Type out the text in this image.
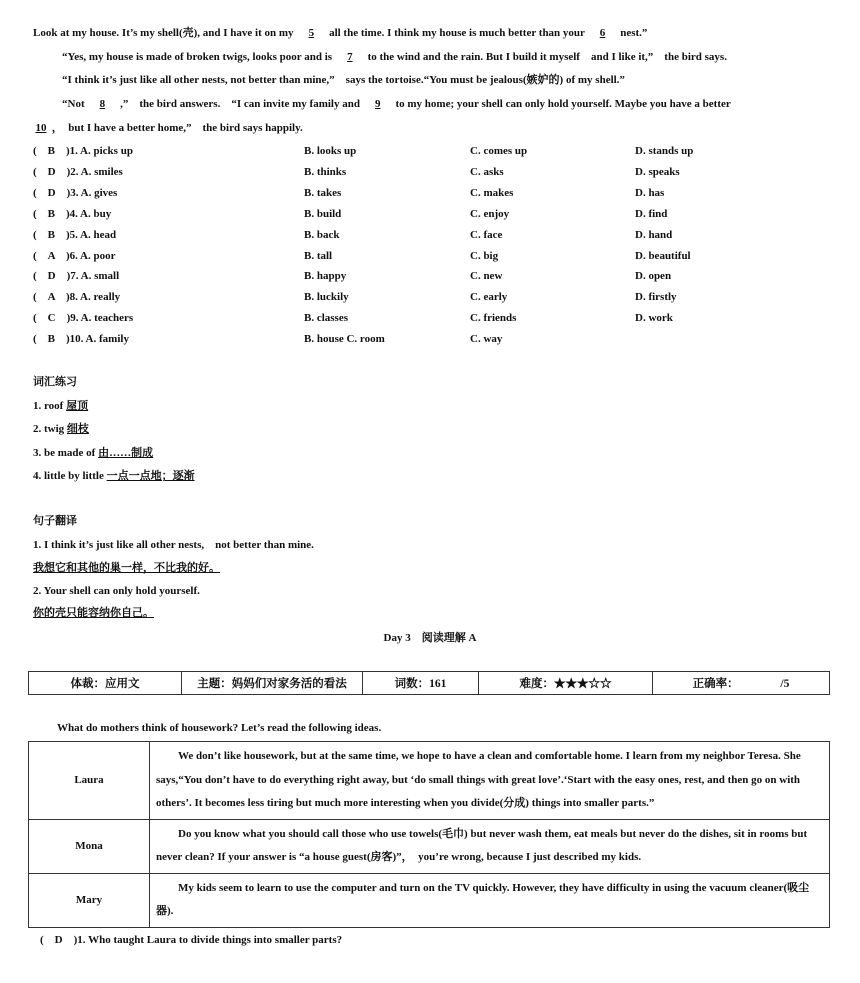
Look at my house. It’s my shell(壳), and I have it on my 5 all the time. I think my house is much better than your 6 nest.”
“Yes, my house is made of broken twigs, looks poor and is 7 to the wind and the rain. But I build it myself　and I like it,”　the bird says.
“I think it’s just like all other nests, not better than mine,”　says the tortoise.“You must be jealous(嫉妒的) of my shell.”
“Not 8 ,”　the bird answers.　“I can invite my family and 9 to my home; your shell can only hold yourself. Maybe you have a better
10 ，　but I have a better home,”　the bird says happily.
(　B　)1. A. picks up	B. looks up	C. comes up	D. stands up
(　D　)2. A. smiles	B. thinks	C. asks	D. speaks
(　D　)3. A. gives	B. takes	C. makes	D. has
(　B　)4. A. buy	B. build	C. enjoy	D. find
(　B　)5. A. head	B. back	C. face	D. hand
(　A　)6. A. poor	B. tall	C. big	D. beautiful
(　D　)7. A. small	B. happy	C. new	D. open
(　A　)8. A. really	B. luckily	C. early	D. firstly
(　C　)9. A. teachers	B. classes	C. friends	D. work
(　B　)10. A. family	B. house C. room	C. way
词汇练习
1. roof 屋顶
2. twig 细枝
3. be made of 由……制成
4. little by little 一点一点地；逐渐
句子翻译
1. I think it’s just like all other nests,　not better than mine.
我想它和其他的巢一样，不比我的好。
2. Your shell can only hold yourself.
你的壳只能容纳你自己。
Day 3　阅读理解 A
体裁：应用文	主题：妈妈们对家务活的看法	词数：161	难度：★★★☆☆	正确率：　	/5
What do mothers think of housework? Let’s read the following ideas.
Laura	We don’t like housework, but at the same time, we hope to have a clean and comfortable home. I learn from my neighbor Teresa. She says,“You don’t have to do everything right away, but ‘do small things with great love’.‘Start with the easy ones, rest, and then go on with others’. It becomes less tiring but much more interesting when you divide(分成) things into smaller parts.”

Mona	Do you know what you should call those who use towels(毛巾) but never wash them, eat meals but never do the dishes, sit in rooms but never clean? If your answer is “a house guest(房客)”，　you’re wrong, because I just described my kids.

Mary	My kids seem to learn to use the computer and turn on the TV quickly. However, they have difficulty in using the vacuum cleaner(吸尘器).
(　D　)1. Who taught Laura to divide things into smaller parts?
